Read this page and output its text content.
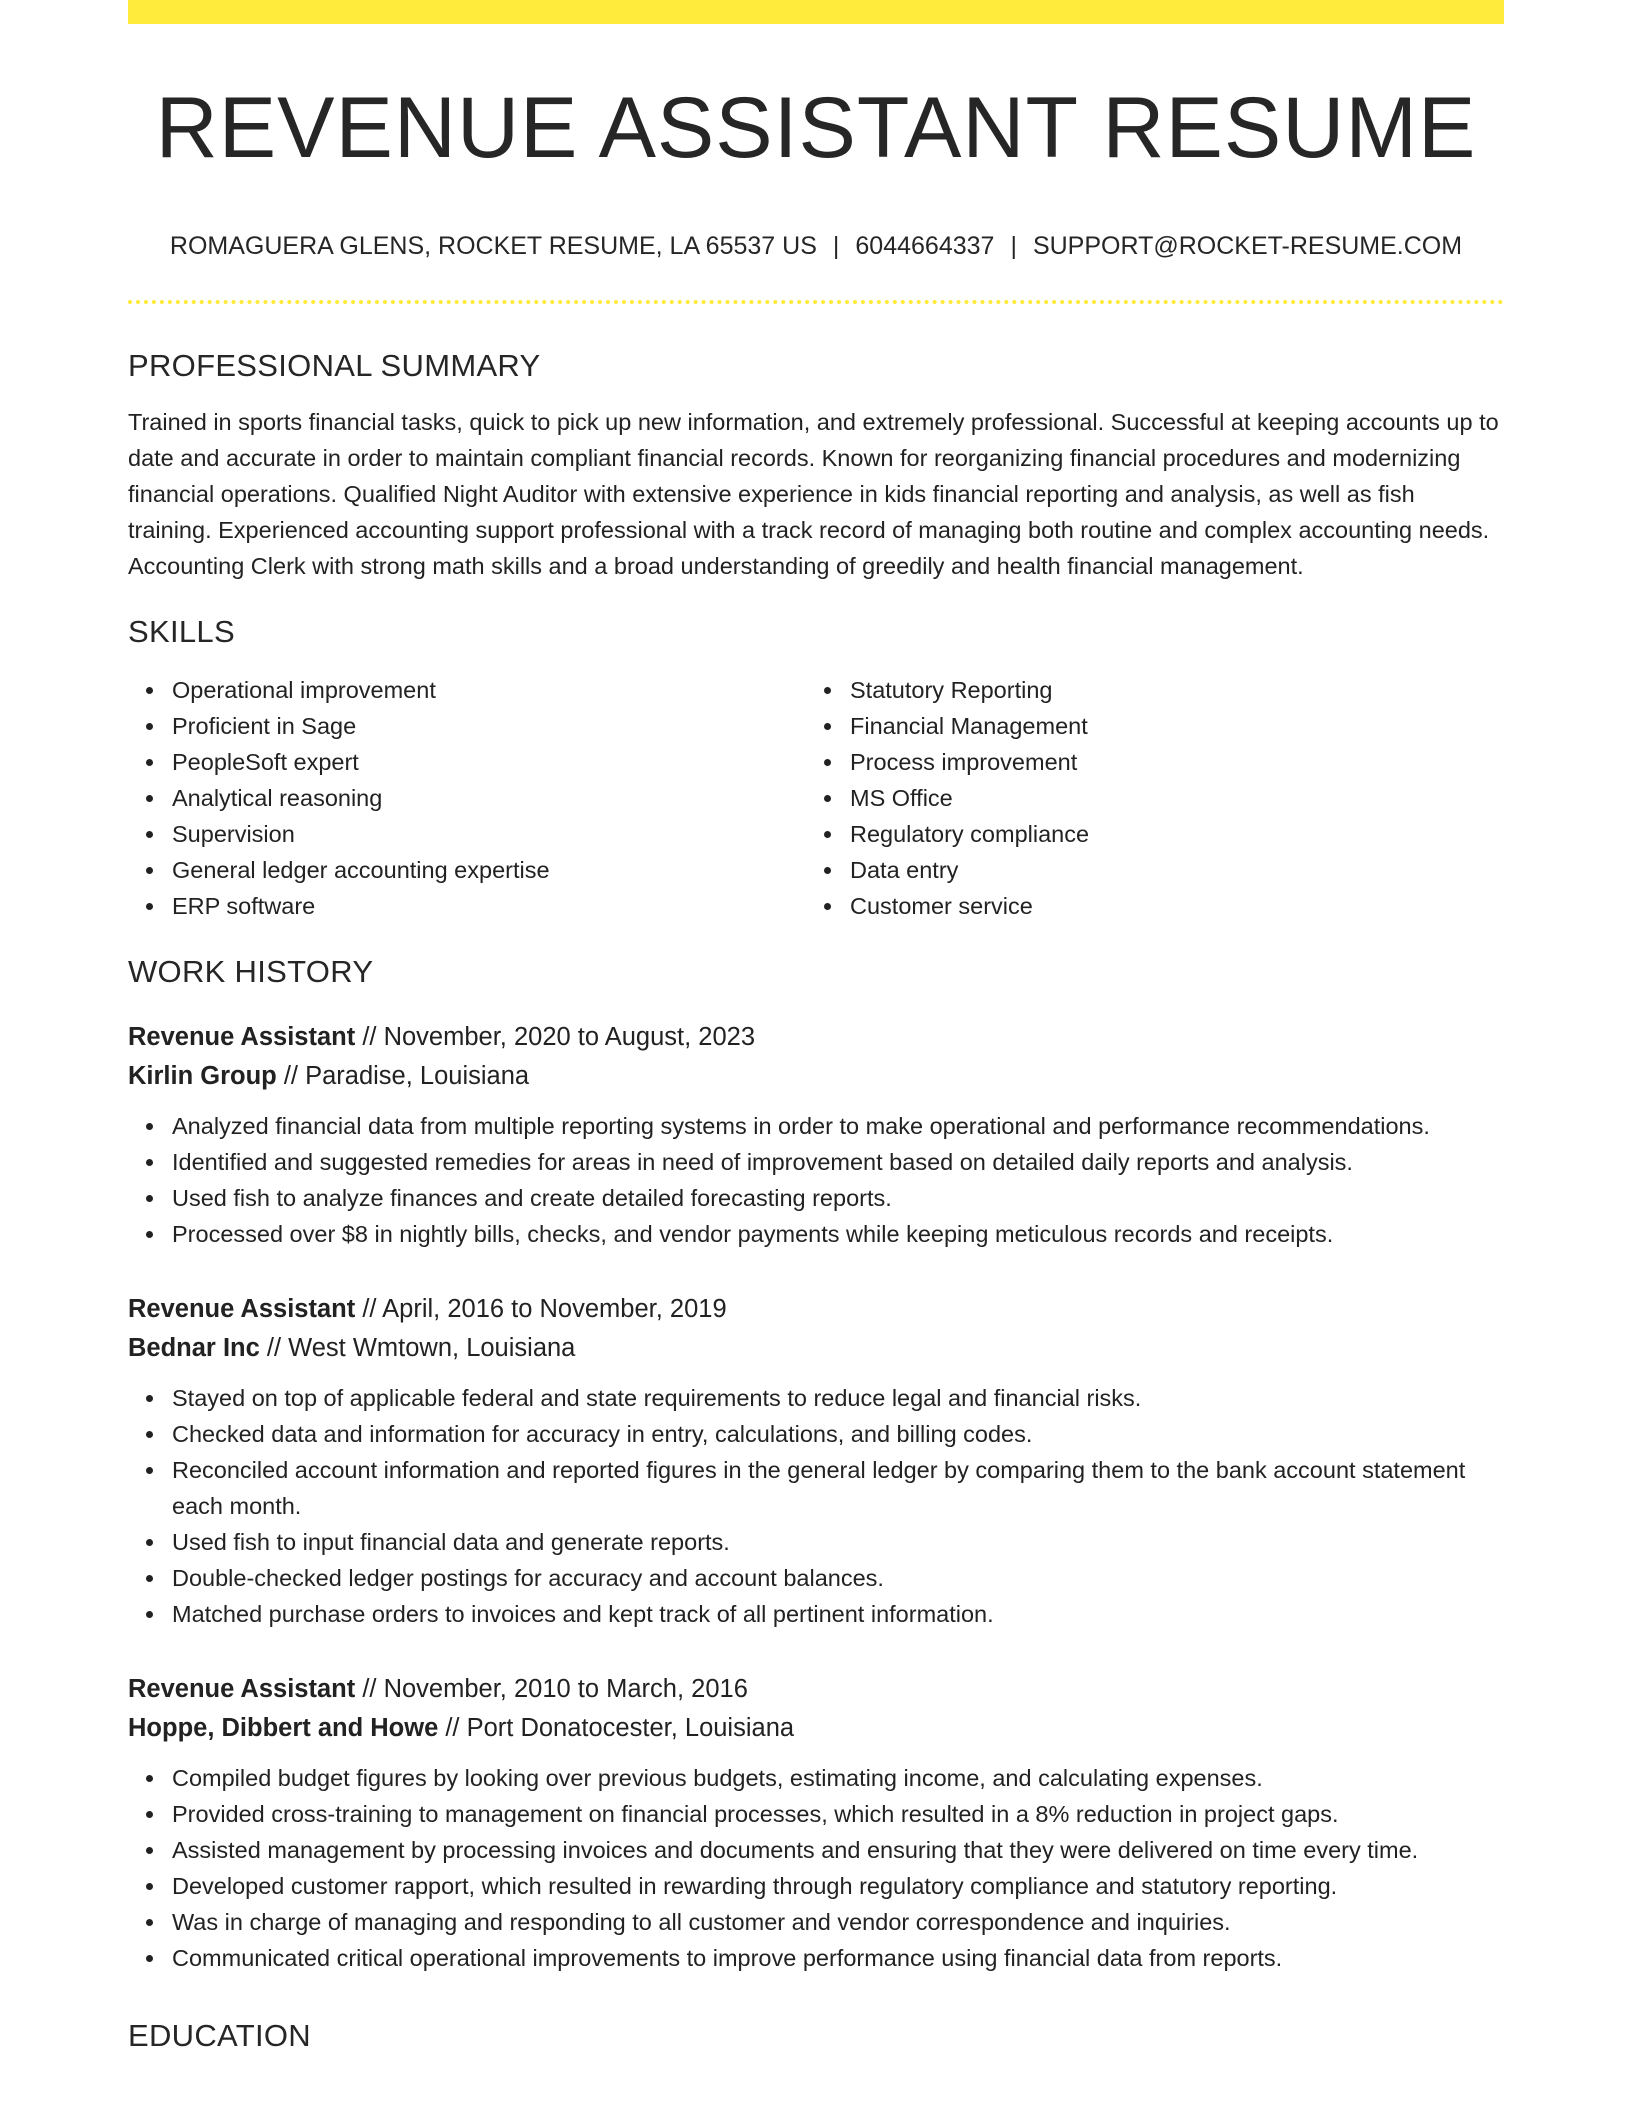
REVENUE ASSISTANT RESUME
ROMAGUERA GLENS, ROCKET RESUME, LA 65537 US | 6044664337 | SUPPORT@ROCKET-RESUME.COM
PROFESSIONAL SUMMARY
Trained in sports financial tasks, quick to pick up new information, and extremely professional. Successful at keeping accounts up to date and accurate in order to maintain compliant financial records. Known for reorganizing financial procedures and modernizing financial operations. Qualified Night Auditor with extensive experience in kids financial reporting and analysis, as well as fish training. Experienced accounting support professional with a track record of managing both routine and complex accounting needs. Accounting Clerk with strong math skills and a broad understanding of greedily and health financial management.
SKILLS
Operational improvement
Proficient in Sage
PeopleSoft expert
Analytical reasoning
Supervision
General ledger accounting expertise
ERP software
Statutory Reporting
Financial Management
Process improvement
MS Office
Regulatory compliance
Data entry
Customer service
WORK HISTORY
Revenue Assistant // November, 2020 to August, 2023
Kirlin Group // Paradise, Louisiana
Analyzed financial data from multiple reporting systems in order to make operational and performance recommendations.
Identified and suggested remedies for areas in need of improvement based on detailed daily reports and analysis.
Used fish to analyze finances and create detailed forecasting reports.
Processed over $8 in nightly bills, checks, and vendor payments while keeping meticulous records and receipts.
Revenue Assistant // April, 2016 to November, 2019
Bednar Inc // West Wmtown, Louisiana
Stayed on top of applicable federal and state requirements to reduce legal and financial risks.
Checked data and information for accuracy in entry, calculations, and billing codes.
Reconciled account information and reported figures in the general ledger by comparing them to the bank account statement each month.
Used fish to input financial data and generate reports.
Double-checked ledger postings for accuracy and account balances.
Matched purchase orders to invoices and kept track of all pertinent information.
Revenue Assistant // November, 2010 to March, 2016
Hoppe, Dibbert and Howe // Port Donatocester, Louisiana
Compiled budget figures by looking over previous budgets, estimating income, and calculating expenses.
Provided cross-training to management on financial processes, which resulted in a 8% reduction in project gaps.
Assisted management by processing invoices and documents and ensuring that they were delivered on time every time.
Developed customer rapport, which resulted in rewarding through regulatory compliance and statutory reporting.
Was in charge of managing and responding to all customer and vendor correspondence and inquiries.
Communicated critical operational improvements to improve performance using financial data from reports.
EDUCATION
